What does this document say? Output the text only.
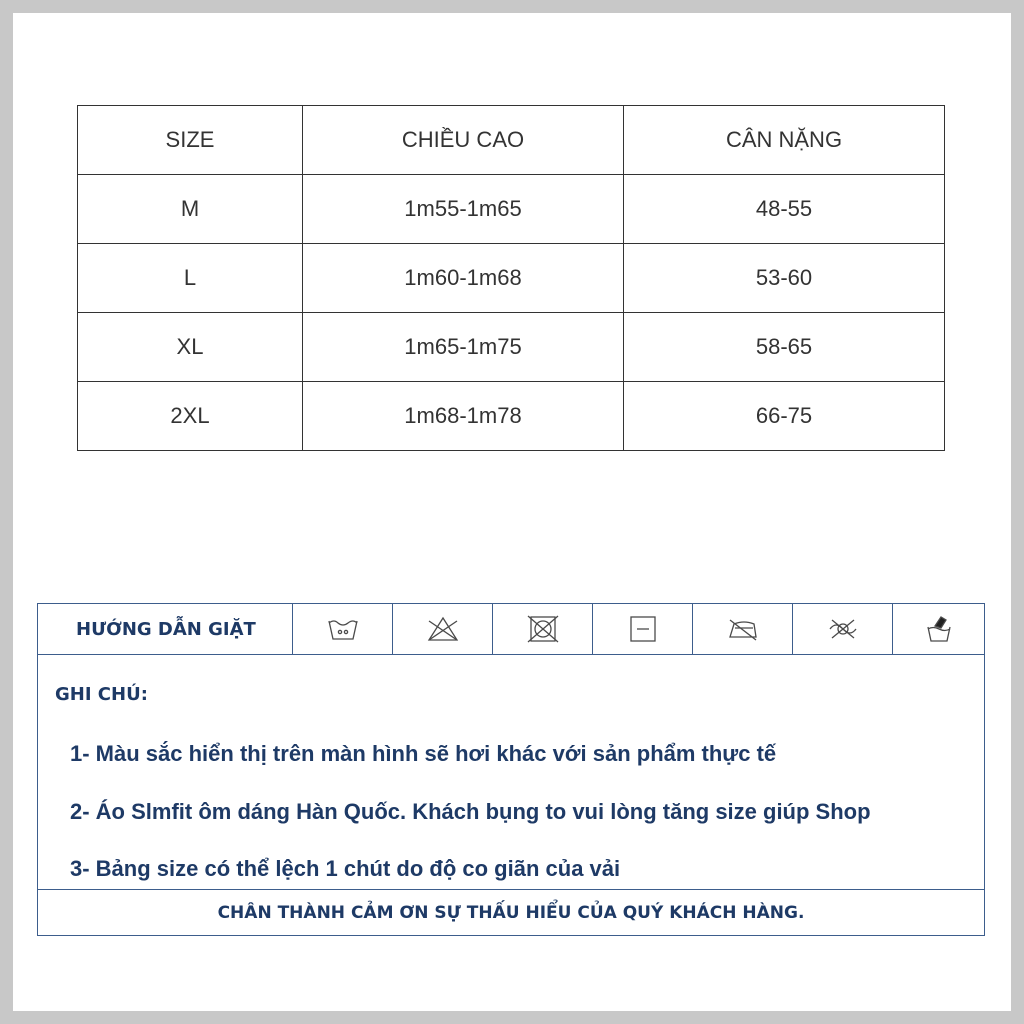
SIZE	CHIỀU CAO	CÂN NẶNG
M	1m55-1m65	48-55
L	1m60-1m68	53-60
XL	1m65-1m75	58-65
2XL	1m68-1m78	66-75
HƯỚNG DẪN GIẶT
GHI CHÚ:
1- Màu sắc hiển thị trên màn hình sẽ hơi khác với sản phẩm thực tế
2- Áo Slmfit ôm dáng Hàn Quốc. Khách bụng to vui lòng tăng size giúp Shop
3- Bảng size có thể lệch 1 chút do độ co giãn của vải
CHÂN THÀNH CẢM ƠN SỰ THẤU HIỂU CỦA QUÝ KHÁCH HÀNG.
